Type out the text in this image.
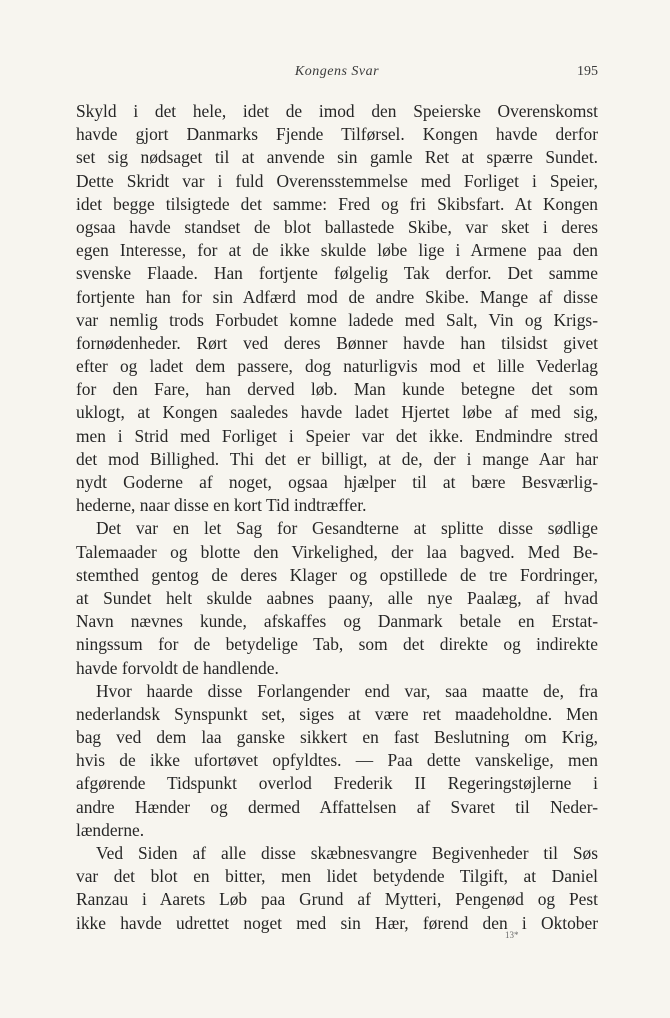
Kongens Svar	195
Skyld i det hele, idet de imod den Speierske Overenskomst
havde gjort Danmarks Fjende Tilførsel. Kongen havde derfor
set sig nødsaget til at anvende sin gamle Ret at spærre Sundet.
Dette Skridt var i fuld Overensstemmelse med Forliget i Speier,
idet begge tilsigtede det samme: Fred og fri Skibsfart. At Kongen
ogsaa havde standset de blot ballastede Skibe, var sket i deres
egen Interesse, for at de ikke skulde løbe lige i Armene paa den
svenske Flaade. Han fortjente følgelig Tak derfor. Det samme
fortjente han for sin Adfærd mod de andre Skibe. Mange af disse
var nemlig trods Forbudet komne ladede med Salt, Vin og Krigs-
fornødenheder. Rørt ved deres Bønner havde han tilsidst givet
efter og ladet dem passere, dog naturligvis mod et lille Vederlag
for den Fare, han derved løb. Man kunde betegne det som
uklogt, at Kongen saaledes havde ladet Hjertet løbe af med sig,
men i Strid med Forliget i Speier var det ikke. Endmindre stred
det mod Billighed. Thi det er billigt, at de, der i mange Aar har
nydt Goderne af noget, ogsaa hjælper til at bære Besværlig-
hederne, naar disse en kort Tid indtræffer.
Det var en let Sag for Gesandterne at splitte disse sødlige
Talemaader og blotte den Virkelighed, der laa bagved. Med Be-
stemthed gentog de deres Klager og opstillede de tre Fordringer,
at Sundet helt skulde aabnes paany, alle nye Paalæg, af hvad
Navn nævnes kunde, afskaffes og Danmark betale en Erstat-
ningssum for de betydelige Tab, som det direkte og indirekte
havde forvoldt de handlende.
Hvor haarde disse Forlangender end var, saa maatte de, fra
nederlandsk Synspunkt set, siges at være ret maadeholdne. Men
bag ved dem laa ganske sikkert en fast Beslutning om Krig,
hvis de ikke ufortøvet opfyldtes. — Paa dette vanskelige, men
afgørende Tidspunkt overlod Frederik II Regeringstøjlerne i
andre Hænder og dermed Affattelsen af Svaret til Neder-
lænderne.
Ved Siden af alle disse skæbnesvangre Begivenheder til Søs
var det blot en bitter, men lidet betydende Tilgift, at Daniel
Ranzau i Aarets Løb paa Grund af Mytteri, Pengenød og Pest
ikke havde udrettet noget med sin Hær, førend den i Oktober
13*
